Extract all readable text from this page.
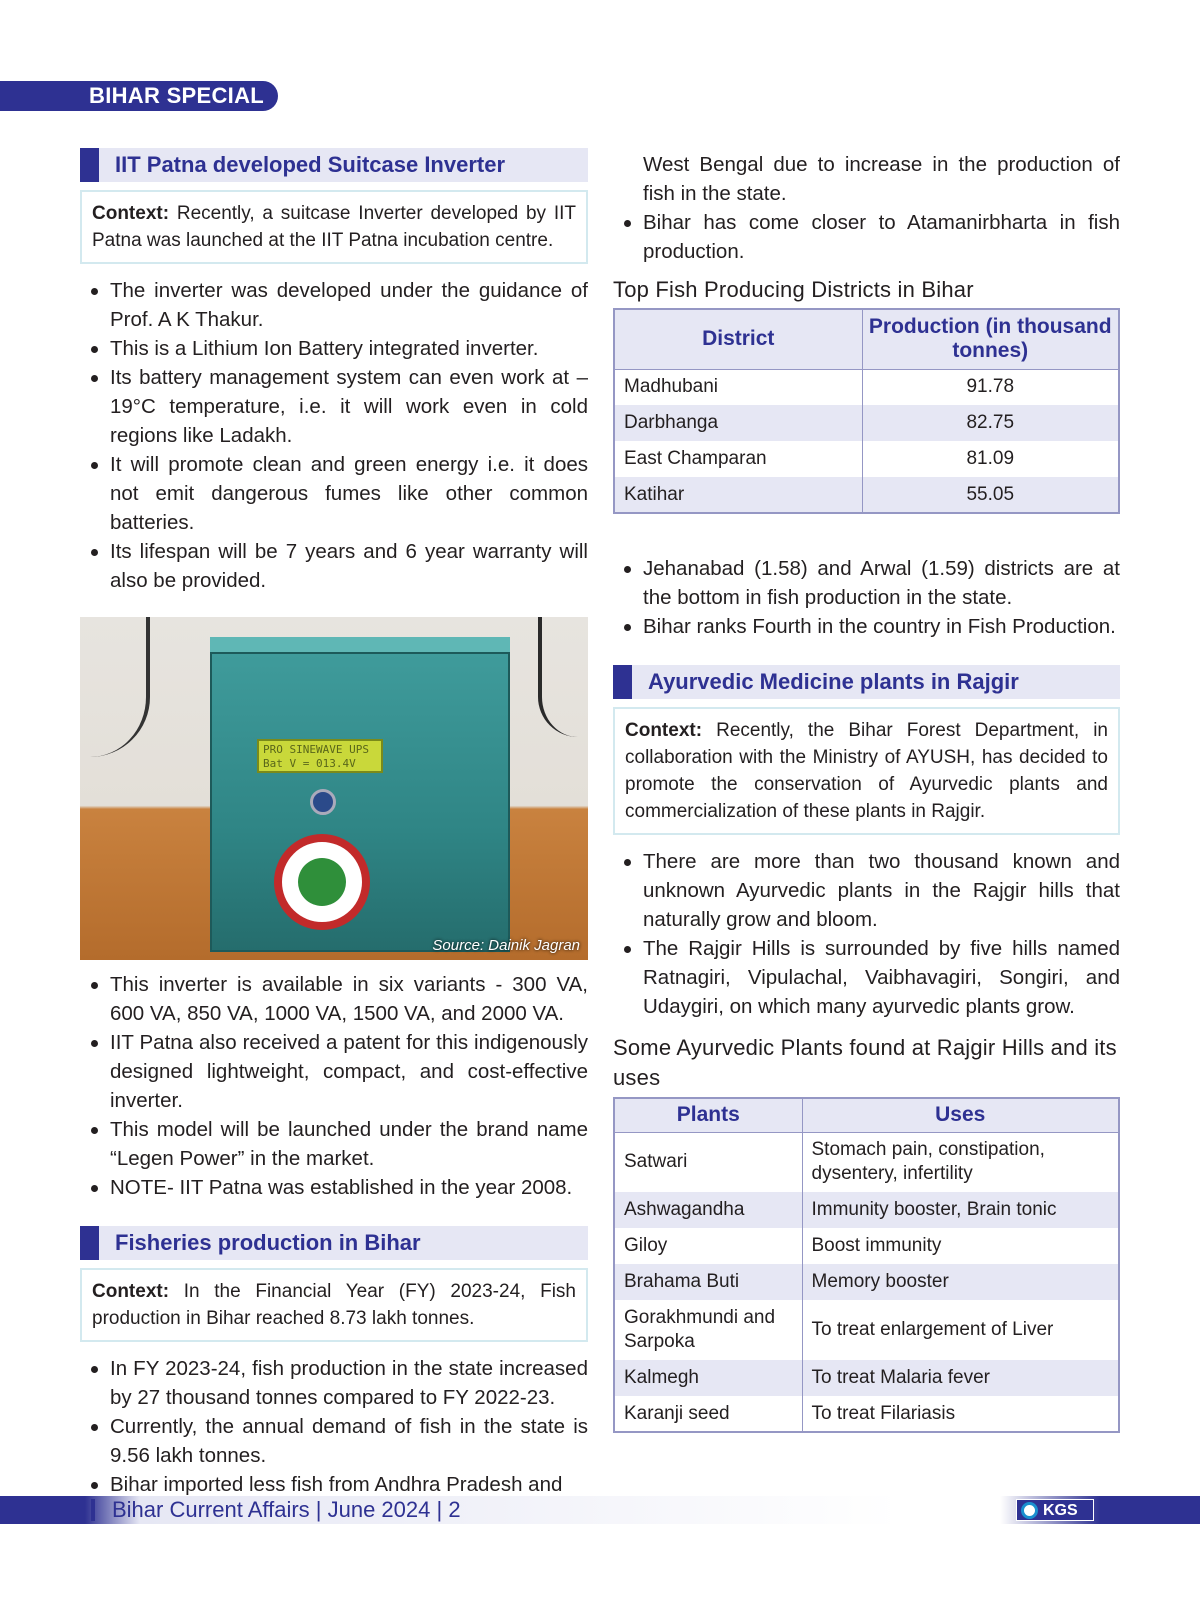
BIHAR SPECIAL
IIT Patna developed Suitcase Inverter
Context: Recently, a suitcase Inverter developed by IIT Patna was launched at the IIT Patna incubation centre.
The inverter was developed under the guidance of Prof. A K Thakur.
This is a Lithium Ion Battery integrated inverter.
Its battery management system can even work at –19°C temperature, i.e. it will work even in cold regions like Ladakh.
It will promote clean and green energy i.e. it does not emit dangerous fumes like other common batteries.
Its lifespan will be 7 years and 6 year warranty will also be provided.
PRO SINEWAVE UPS
Bat V = 013.4V
Source: Dainik Jagran
This inverter is available in six variants - 300 VA, 600 VA, 850 VA, 1000 VA, 1500 VA, and 2000 VA.
IIT Patna also received a patent for this indigenously designed lightweight, compact, and cost-effective inverter.
This model will be launched under the brand name “Legen Power” in the market.
NOTE- IIT Patna was established in the year 2008.
Fisheries production in Bihar
Context: In the Financial Year (FY) 2023-24, Fish production in Bihar reached 8.73 lakh tonnes.
In FY 2023-24, fish production in the state increased by 27 thousand tonnes compared to FY 2022-23.
Currently, the annual demand of fish in the state is 9.56 lakh tonnes.
Bihar imported less fish from Andhra Pradesh and
West Bengal due to increase in the production of fish in the state.
Bihar has come closer to Atamanirbharta in fish production.
Top Fish Producing Districts in Bihar
District	Production (in thousand tonnes)
Madhubani	91.78
Darbhanga	82.75
East Champaran	81.09
Katihar	55.05
Jehanabad (1.58) and Arwal (1.59) districts are at the bottom in fish production in the state.
Bihar ranks Fourth in the country in Fish Production.
Ayurvedic Medicine plants in Rajgir
Context: Recently, the Bihar Forest Department, in collaboration with the Ministry of AYUSH, has decided to promote the conservation of Ayurvedic plants and commercialization of these plants in Rajgir.
There are more than two thousand known and unknown Ayurvedic plants in the Rajgir hills that naturally grow and bloom.
The Rajgir Hills is surrounded by five hills named Ratnagiri, Vipulachal, Vaibhavagiri, Songiri, and Udaygiri, on which many ayurvedic plants grow.
Some Ayurvedic Plants found at Rajgir Hills and its uses
Plants	Uses
Satwari	Stomach pain, constipation, dysentery, infertility
Ashwagandha	Immunity booster, Brain tonic
Giloy	Boost immunity
Brahama Buti	Memory booster
Gorakhmundi and Sarpoka	To treat enlargement of Liver
Kalmegh	To treat Malaria fever
Karanji seed	To treat Filariasis
Bihar Current Affairs | June 2024 | 2	KGS
